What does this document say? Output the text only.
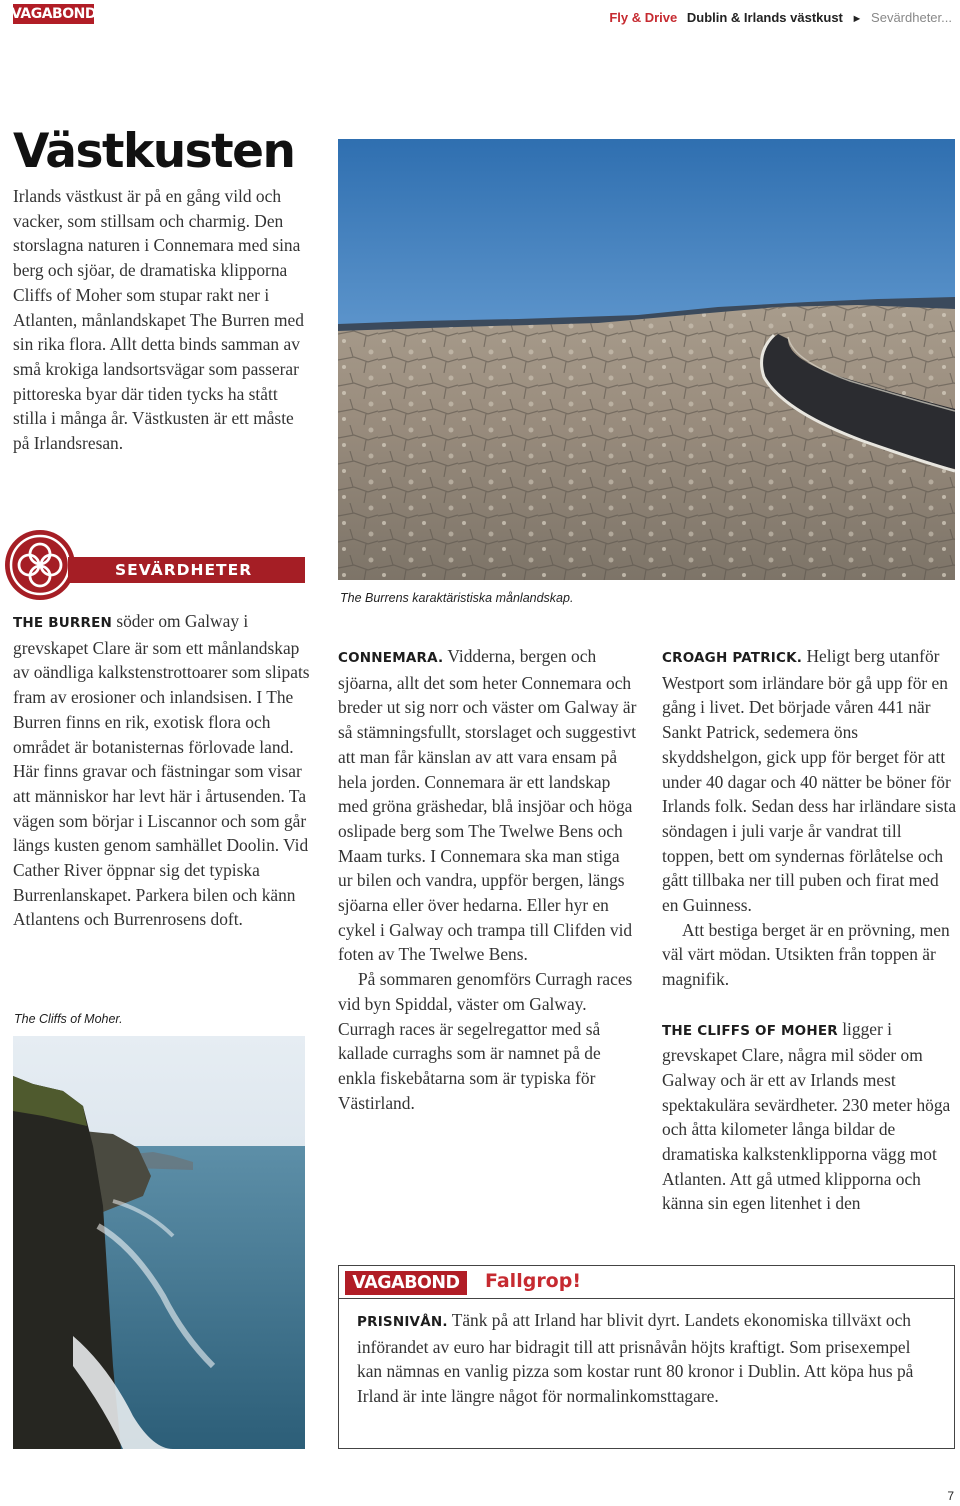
VAGABOND	Fly & Drive Dublin & Irlands västkust ► Sevärdheter...
Västkusten

Irlands västkust är på en gång vild och vacker, som stillsam och charmig. Den storslagna naturen i Connemara med sina berg och sjöar, de dramatiska klipporna Cliffs of Moher som stupar rakt ner i Atlanten, månlandskapet The Burren med sin rika flora. Allt detta binds samman av små krokiga landsortsvägar som passerar pittoreska byar där tiden tycks ha stått stilla i många år. Västkusten är ett måste på Irlandsresan.

The Burrens karaktäristiska månlandskap.
SEVÄRDHETER

THE BURREN söder om Galway i grevskapet Clare är som ett månlandskap av oändliga kalkstenstrottoarer som slipats fram av erosioner och inlandsisen. I The Burren finns en rik, exotisk flora och området är botanisternas förlovade land. Här finns gravar och fästningar som visar att människor har levt här i årtusenden. Ta vägen som börjar i Liscannor och som går längs kusten genom samhället Doolin. Vid Cather River öppnar sig det typiska Burrenlanskapet. Parkera bilen och känn Atlantens och Burrenrosens doft.

CONNEMARA. Vidderna, bergen och sjöarna, allt det som heter Connemara och breder ut sig norr och väster om Galway är så stämningsfullt, storslaget och suggestivt att man får känslan av att vara ensam på hela jorden. Connemara är ett landskap med gröna gräshedar, blå insjöar och höga oslipade berg som The Twelwe Bens och Maam turks. I Connemara ska man stiga ur bilen och vandra, uppför bergen, längs sjöarna eller över hedarna. Eller hyr en cykel i Galway och trampa till Clifden vid foten av The Twelwe Bens.

På sommaren genomförs Curragh races vid byn Spiddal, väster om Galway. Curragh races är segelregattor med så kallade curraghs som är namnet på de enkla fiskebåtarna som är typiska för Västirland.

CROAGH PATRICK. Heligt berg utanför Westport som irländare bör gå upp för en gång i livet. Det började våren 441 när Sankt Patrick, sedemera öns skyddshelgon, gick upp för berget för att under 40 dagar och 40 nätter be böner för Irlands folk. Sedan dess har irländare sista söndagen i juli varje år vandrat till toppen, bett om syndernas förlåtelse och gått tillbaka ner till puben och firat med en Guinness.

Att bestiga berget är en prövning, men väl värt mödan. Utsikten från toppen är magnifik.

THE CLIFFS OF MOHER ligger i grevskapet Clare, några mil söder om Galway och är ett av Irlands mest spektakulära sevärdheter. 230 meter höga och åtta kilometer långa bildar de dramatiska kalkstenklipporna vägg mot Atlanten. Att gå utmed klipporna och känna sin egen litenhet i den

The Cliffs of Moher.
VAGABOND	Fallgrop!

PRISNIVÅN. Tänk på att Irland har blivit dyrt. Landets ekonomiska tillväxt och införandet av euro har bidragit till att prisnåvån höjts kraftigt. Som prisexempel kan nämnas en vanlig pizza som kostar runt 80 kronor i Dublin. Att köpa hus på Irland är inte längre något för normalinkomsttagare.

7
